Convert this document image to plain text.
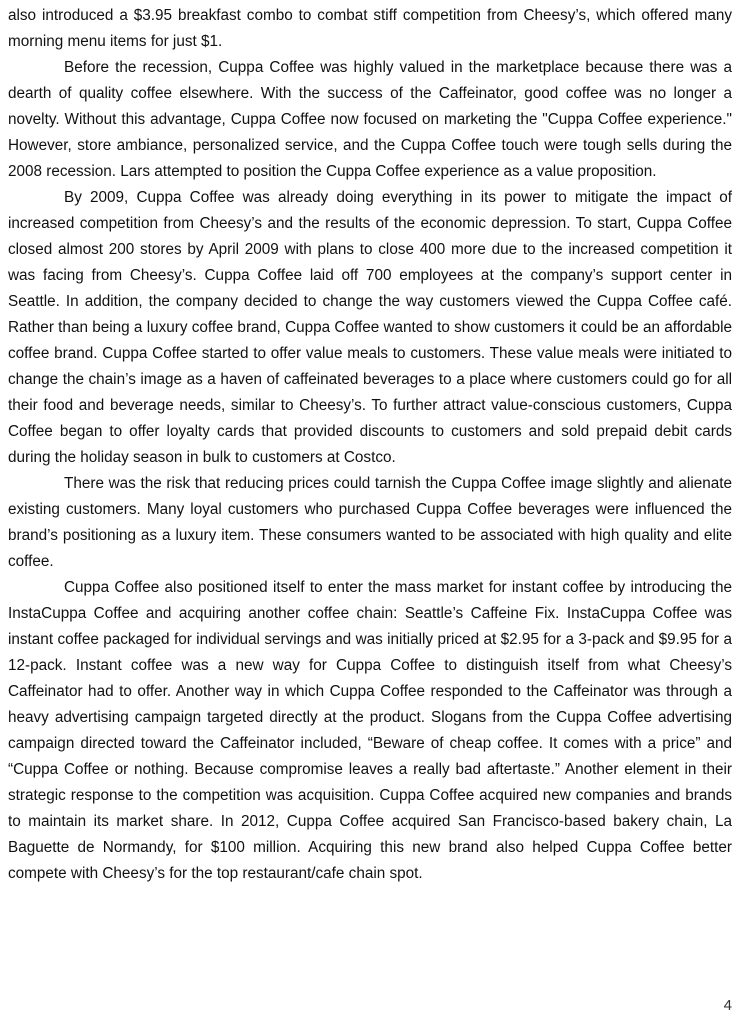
also introduced a $3.95 breakfast combo to combat stiff competition from Cheesy’s, which offered many morning menu items for just $1.

Before the recession, Cuppa Coffee was highly valued in the marketplace because there was a dearth of quality coffee elsewhere. With the success of the Caffeinator, good coffee was no longer a novelty. Without this advantage, Cuppa Coffee now focused on marketing the "Cuppa Coffee experience." However, store ambiance, personalized service, and the Cuppa Coffee touch were tough sells during the 2008 recession. Lars attempted to position the Cuppa Coffee experience as a value proposition.

By 2009, Cuppa Coffee was already doing everything in its power to mitigate the impact of increased competition from Cheesy’s and the results of the economic depression. To start, Cuppa Coffee closed almost 200 stores by April 2009 with plans to close 400 more due to the increased competition it was facing from Cheesy’s. Cuppa Coffee laid off 700 employees at the company’s support center in Seattle. In addition, the company decided to change the way customers viewed the Cuppa Coffee café. Rather than being a luxury coffee brand, Cuppa Coffee wanted to show customers it could be an affordable coffee brand. Cuppa Coffee started to offer value meals to customers. These value meals were initiated to change the chain’s image as a haven of caffeinated beverages to a place where customers could go for all their food and beverage needs, similar to Cheesy’s. To further attract value-conscious customers, Cuppa Coffee began to offer loyalty cards that provided discounts to customers and sold prepaid debit cards during the holiday season in bulk to customers at Costco.

There was the risk that reducing prices could tarnish the Cuppa Coffee image slightly and alienate existing customers. Many loyal customers who purchased Cuppa Coffee beverages were influenced the brand’s positioning as a luxury item. These consumers wanted to be associated with high quality and elite coffee.

Cuppa Coffee also positioned itself to enter the mass market for instant coffee by introducing the InstaCuppa Coffee and acquiring another coffee chain: Seattle’s Caffeine Fix. InstaCuppa Coffee was instant coffee packaged for individual servings and was initially priced at $2.95 for a 3-pack and $9.95 for a 12-pack. Instant coffee was a new way for Cuppa Coffee to distinguish itself from what Cheesy’s Caffeinator had to offer. Another way in which Cuppa Coffee responded to the Caffeinator was through a heavy advertising campaign targeted directly at the product. Slogans from the Cuppa Coffee advertising campaign directed toward the Caffeinator included, “Beware of cheap coffee. It comes with a price” and “Cuppa Coffee or nothing. Because compromise leaves a really bad aftertaste.” Another element in their strategic response to the competition was acquisition. Cuppa Coffee acquired new companies and brands to maintain its market share. In 2012, Cuppa Coffee acquired San Francisco-based bakery chain, La Baguette de Normandy, for $100 million. Acquiring this new brand also helped Cuppa Coffee better compete with Cheesy’s for the top restaurant/cafe chain spot.

4
